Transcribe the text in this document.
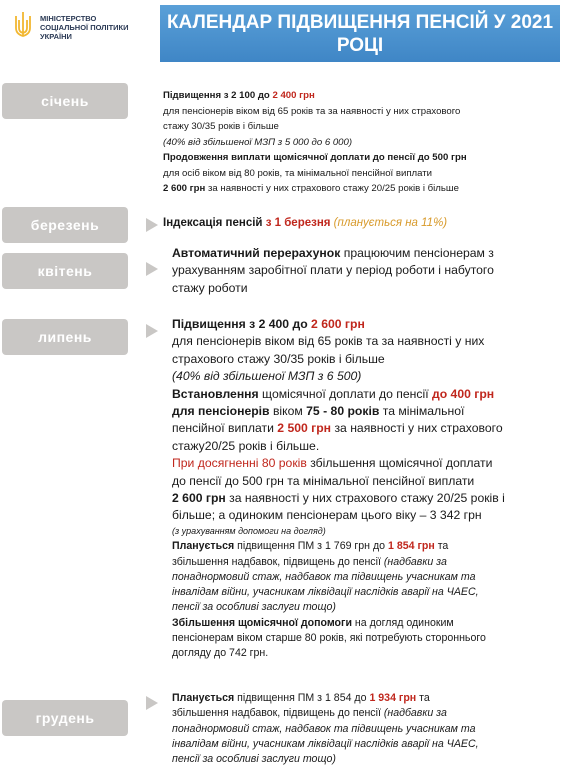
МІНІСТЕРСТВО СОЦІАЛЬНОЇ ПОЛІТИКИ УКРАЇНИ
КАЛЕНДАР ПІДВИЩЕННЯ ПЕНСІЙ У 2021 РОЦІ
січень
березень
квітень
липень
грудень

Підвищення з 2 100 до 2 400 грн

для пенсіонерів віком від 65 років та за наявності у них страхового

стажу 30/35 років і більше

(40% від збільшеної МЗП з 5 000 до 6 000)

Продовження виплати щомісячної доплати до пенсії до 500 грн

для осіб віком від 80 років, та мінімальної пенсійної виплати

2 600 грн за наявності у них страхового стажу 20/25 років і більше

Індексація пенсій з 1 березня (планується на 11%)

Автоматичний перерахунок працюючим пенсіонерам з

урахуванням заробітної плати у період роботи і набутого

стажу роботи

Підвищення з 2 400 до 2 600 грн

для пенсіонерів віком від 65 років та за наявності у них

страхового стажу 30/35 років і більше

(40% від збільшеної МЗП з 6 500)

Встановлення щомісячної доплати до пенсії до 400 грн

для пенсіонерів віком 75 - 80 років та мінімальної

пенсійної виплати 2 500 грн за наявності у них страхового

стажу20/25 років і більше.

При досягненні 80 років збільшення щомісячної доплати

до пенсії до 500 грн та мінімальної пенсійної виплати

2 600 грн за наявності у них страхового стажу 20/25 років і

більше; а одиноким пенсіонерам цього віку – 3 342 грн

(з урахуванням допомоги на догляд)

Планується підвищення ПМ з 1 769 грн до 1 854 грн та

збільшення надбавок, підвищень до пенсії (надбавки за

понаднормовий стаж, надбавок та підвищень учасникам та

інвалідам війни, учасникам ліквідації наслідків аварії на ЧАЕС,

пенсії за особливі заслуги тощо)

Збільшення щомісячної допомоги на догляд одиноким

пенсіонерам віком старше 80 років, які потребують стороннього

догляду до 742 грн.

Планується підвищення ПМ з 1 854 до 1 934 грн та

збільшення надбавок, підвищень до пенсії (надбавки за

понаднормовий стаж, надбавок та підвищень учасникам та

інвалідам війни, учасникам ліквідації наслідків аварії на ЧАЕС,

пенсії за особливі заслуги тощо)
